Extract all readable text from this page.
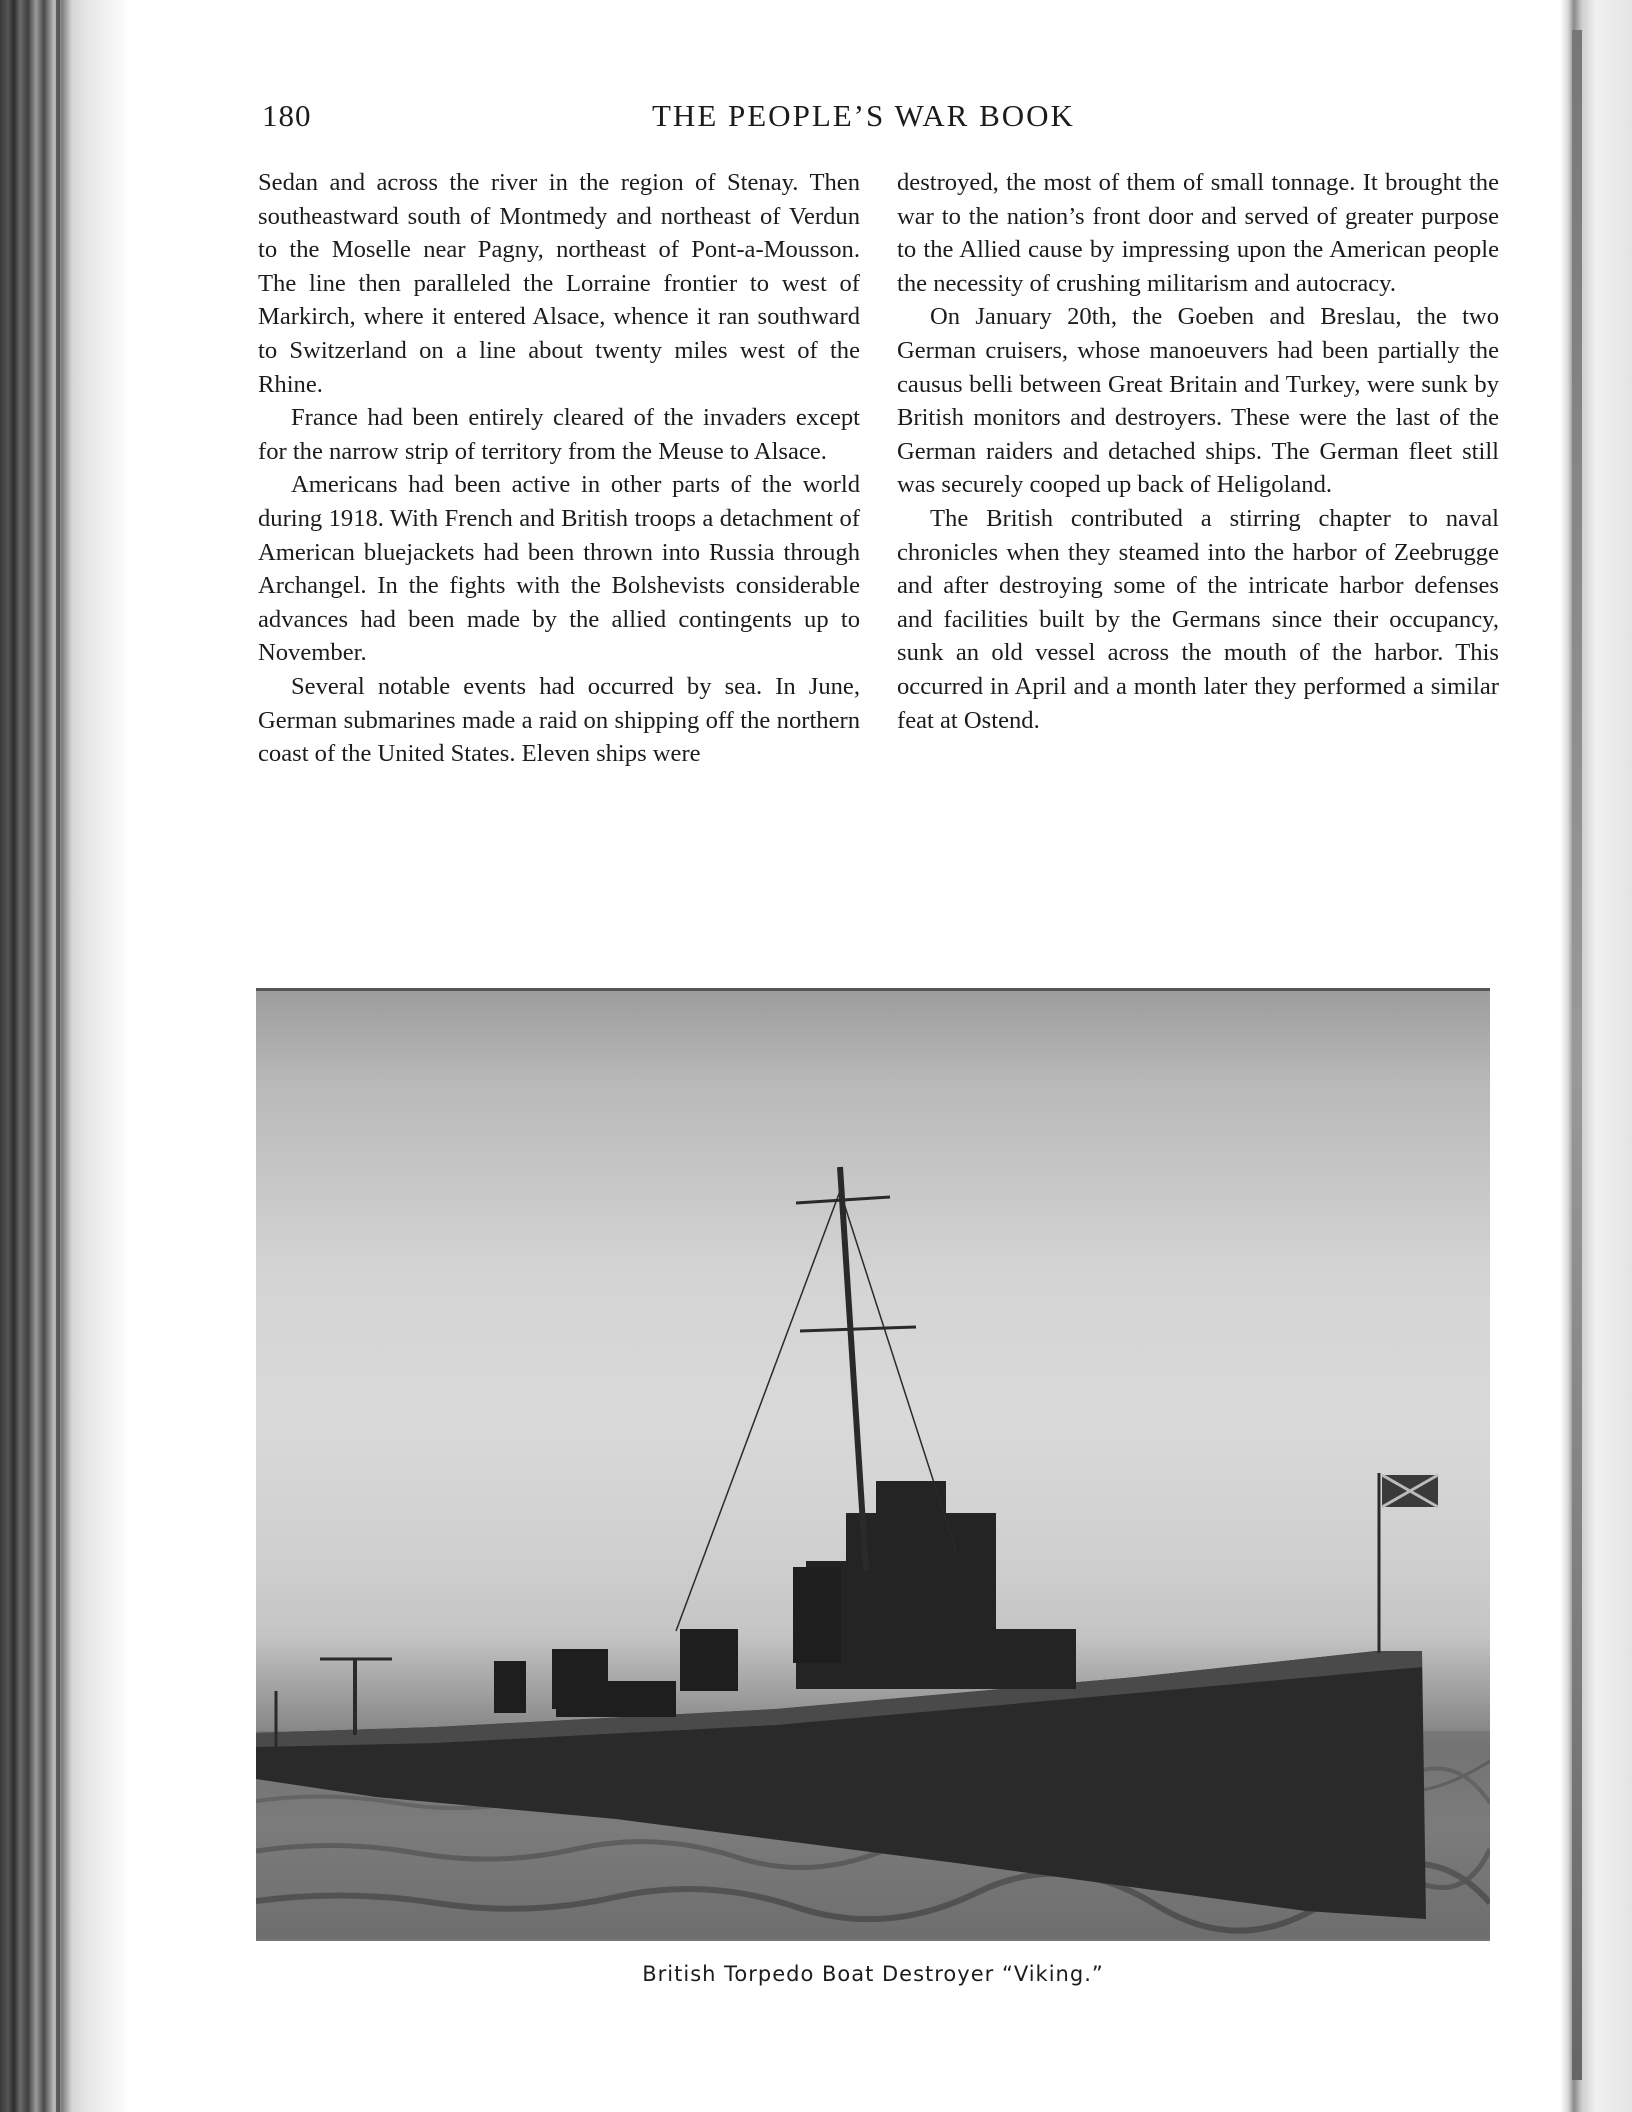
180	THE PEOPLE’S WAR BOOK

Sedan and across the river in the region of Stenay. Then southeastward south of Montmedy and northeast of Verdun to the Moselle near Pagny, northeast of Pont-a-Mousson. The line then paralleled the Lorraine frontier to west of Markirch, where it entered Alsace, whence it ran southward to Switzerland on a line about twenty miles west of the Rhine.

France had been entirely cleared of the invaders except for the narrow strip of territory from the Meuse to Alsace.

Americans had been active in other parts of the world during 1918. With French and British troops a detachment of American bluejackets had been thrown into Russia through Archangel. In the fights with the Bolshevists considerable advances had been made by the allied contingents up to November.

Several notable events had occurred by sea. In June, German submarines made a raid on shipping off the northern coast of the United States. Eleven ships were

destroyed, the most of them of small tonnage. It brought the war to the nation’s front door and served of greater purpose to the Allied cause by impressing upon the American people the necessity of crushing militarism and autocracy.

On January 20th, the Goeben and Breslau, the two German cruisers, whose manoeuvers had been partially the causus belli between Great Britain and Turkey, were sunk by British monitors and destroyers. These were the last of the German raiders and detached ships. The German fleet still was securely cooped up back of Heligoland.

The British contributed a stirring chapter to naval chronicles when they steamed into the harbor of Zeebrugge and after destroying some of the intricate harbor defenses and facilities built by the Germans since their occupancy, sunk an old vessel across the mouth of the harbor. This occurred in April and a month later they performed a similar feat at Ostend.

British Torpedo Boat Destroyer “Viking.”
